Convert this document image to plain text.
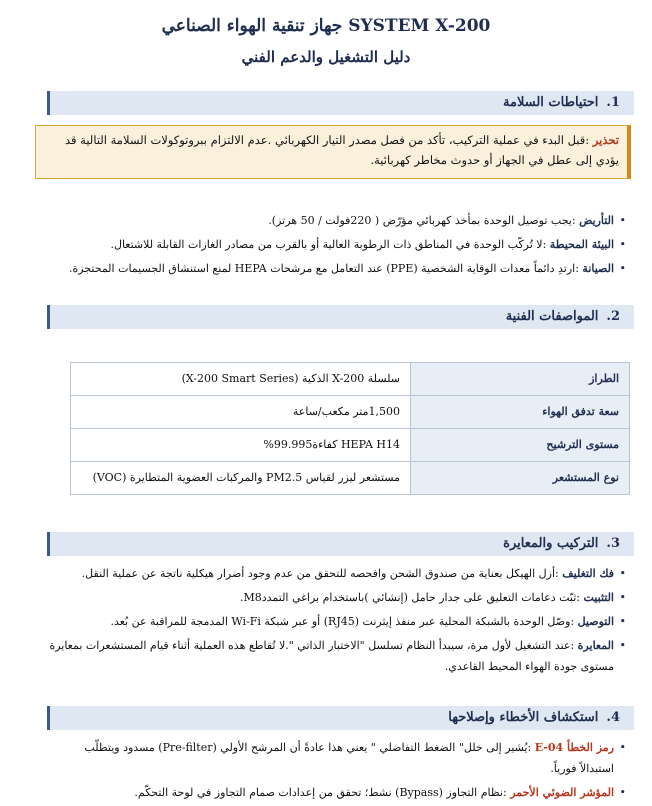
جهاز تنقية الهواء الصناعي SYSTEM X-200
دليل التشغيل والدعم الفني
1.احتياطات السلامة
تحذير :قبل البدء في عملية التركيب، تأكد من فصل مصدر التيار الكهربائي .عدم الالتزام ببروتوكولات السلامة التالية قد يؤدي إلى عطل في الجهاز أو حدوث مخاطر كهربائية.
• التأريض :يجب توصيل الوحدة بمأخذ كهربائي مؤرّض ( 220فولت / 50 هرتز).
• البيئة المحيطة :لا تُركّب الوحدة في المناطق ذات الرطوبة العالية أو بالقرب من مصادر الغازات القابلة للاشتعال.
• الصيانة :ارتدِ دائماً معدات الوقاية الشخصية (PPE) عند التعامل مع مرشحات HEPA لمنع استنشاق الجسيمات المحتجزة.
2.المواصفات الفنية
الطراز	سلسلة X-200 الذكية (X-200 Smart Series)
سعة تدفق الهواء	1,500متر مكعب/ساعة
مستوى الترشيح	HEPA H14 كفاءة99.995%
نوع المستشعر	مستشعر ليزر لقياس PM2.5 والمركبات العضوية المتطايرة (VOC)
3.التركيب والمعايرة
• فك التغليف :أزل الهيكل بعناية من صندوق الشحن وافحصه للتحقق من عدم وجود أضرار هيكلية ناتجة عن عملية النقل.
• التثبيت :ثبّت دعامات التعليق على جدار حامل (إنشائي )باستخدام براغي التمددM8.
• التوصيل :وصّل الوحدة بالشبكة المحلية عبر منفذ إيثرنت (RJ45) أو عبر شبكة Wi-Fi المدمجة للمراقبة عن بُعد.
• المعايرة :عند التشغيل لأول مرة، سيبدأ النظام تسلسل "الاختبار الذاتي ".لا تُقاطع هذه العملية أثناء قيام المستشعرات بمعايرة مستوى جودة الهواء المحيط القاعدي.
4.استكشاف الأخطاء وإصلاحها
• رمز الخطأ E-04 :يُشير إلى خلل" الضغط التفاضلي " يعني هذا عادةً أن المرشح الأولي (Pre-filter) مسدود ويتطلّب استبدالاً فورياً.
• المؤشر الضوئي الأحمر :نظام التجاوز (Bypass) نشط؛ تحقق من إعدادات صمام التجاوز في لوحة التحكّم.
